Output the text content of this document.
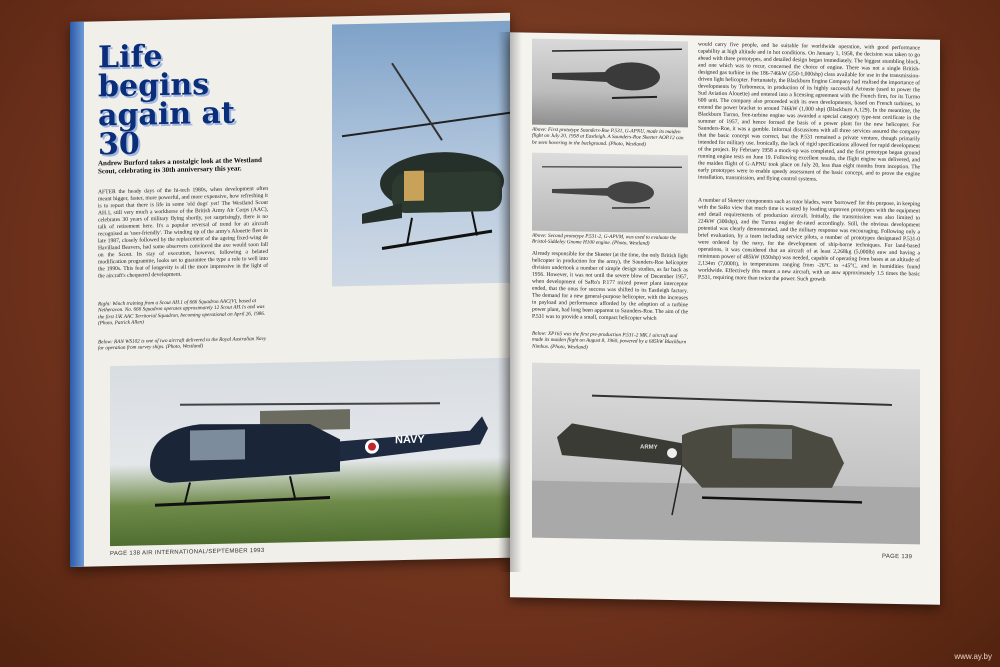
Life begins again at 30
Andrew Burford takes a nostalgic look at the Westland Scout, celebrating its 30th anniversary this year.
AFTER the heady days of the hi-tech 1980s, when development often meant bigger, faster, more powerful, and more expensive, how refreshing it is to report that there is life in some 'old dogs' yet! The Westland Scout AH.1, still very much a workhorse of the British Army Air Corps (AAC), celebrates 30 years of military flying shortly, yet surprisingly, there is no talk of retirement here. It's a popular reversal of trend for an aircraft recognised as 'user-friendly'. The winding up of the army's Alouette fleet in late 1987, closely followed by the replacement of the ageing fixed-wing de Havilland Beavers, had some observers convinced the axe would soon fall on the Scout. Its stay of execution, however, following a belated modification programme, looks set to guarantee the type a role to well into the 1990s. This feat of longevity is all the more impressive in the light of the aircraft's chequered development.
Right: Winch training from a Scout AH.1 of 666 Squadron AAC(V), based at Netheravon. No. 666 Squadron operates approximately 12 Scout AH.1s and was the first UK AAC Territorial Squadron, becoming operational on April 26, 1986. (Photo, Patrick Allen)
Below: RAN WS102 is one of two aircraft delivered to the Royal Australian Navy for operation from survey ships. (Photo, Westland)
NAVY
PAGE 138 AIR INTERNATIONAL/SEPTEMBER 1993
Above: First prototype Saunders-Roe P.531, G-APNU, made its maiden flight on July 20, 1958 at Eastleigh. A Saunders-Roe Skeeter AOP.12 can be seen hovering in the background. (Photo, Westland)
Above: Second prototype P.531-2, G-APVM, was used to evaluate the Bristol-Siddeley Gnome H100 engine. (Photo, Westland)
Already responsible for the Skeeter (at the time, the only British light helicopter in production for the army), the Saunders-Roe helicopter division undertook a number of simple design studies, as far back as 1956. However, it was not until the severe blow of December 1957, when development of SaRo's P.177 mixed power plant interceptor ended, that the onus for success was shifted to its Eastleigh factory. The demand for a new general-purpose helicopter, with the increases in payload and performance afforded by the adoption of a turbine power plant, had long been apparent to Saunders-Roe. The aim of the P.531 was to provide a small, compact helicopter which
Below: XP165 was the first pre-production P.531-2 MK.1 aircraft and made its maiden flight on August 8, 1960, powered by a 685kW Blackburn Nimbus. (Photo, Westland)
would carry five people, and be suitable for worldwide operation, with good performance capability at high altitude and in hot conditions. On January 1, 1958, the decision was taken to go ahead with three prototypes, and detailed design began immediately. The biggest stumbling block, and one which was to recur, concerned the choice of engine. There was not a single British-designed gas turbine in the 186-746kW (250-1,000shp) class available for use in the transmission-driven light helicopter. Fortunately, the Blackburn Engine Company had realised the importance of developments by Turbomeca, in production of its highly successful Artouste (used to power the Sud Aviation Alouette) and entered into a licensing agreement with the French firm, for its Turmo 600 unit. The company also proceeded with its own developments, based on French turbines, to extend the power bracket to around 746kW (1,000 shp) (Blackburn A.129). In the meantime, the Blackburn Turmo, free-turbine engine was awarded a special category type-test certificate in the summer of 1957, and hence formed the basis of a power plant for the new helicopter. For Saunders-Roe, it was a gamble. Informal discussions with all three services assured the company that the basic concept was correct, but the P.531 remained a private venture, though primarily intended for military use. Ironically, the lack of rigid specifications allowed for rapid development of the project. By February 1958 a mock-up was completed, and the first prototype began ground running engine tests on June 19. Following excellent results, the flight engine was delivered, and the maiden flight of G-APNU took place on July 20, less than eight months from inception. The early prototypes were to enable speedy assessment of the basic concept, and to prove the engine installation, transmission, and flying control systems.
A number of Skeeter components such as rotor blades, were 'borrowed' for this purpose, in keeping with the SaRo view that much time is wasted by loading unproven prototypes with the equipment and detail requirements of production aircraft. Initially, the transmission was also limited to 224kW (300shp), and the Turmo engine de-rated accordingly. Still, the obvious development potential was clearly demonstrated, and the military response was encouraging. Following only a brief evaluation, by a team including service pilots, a number of prototypes designated P.531-0 were ordered by the navy, for the development of ship-borne techniques. For land-based operations, it was considered that an aircraft of at least 2,268kg (5,000lb) auw and having a minimum power of 485kW (650shp) was needed, capable of operating from bases at an altitude of 2,134m (7,000ft), in temperatures ranging from -26°C to +45°C, and in humidities found worldwide. Effectively this meant a new aircraft, with an auw approximately 1.5 times the basic P.531, requiring more than twice the power. Such growth
ARMY
PAGE 139
www.ay.by
